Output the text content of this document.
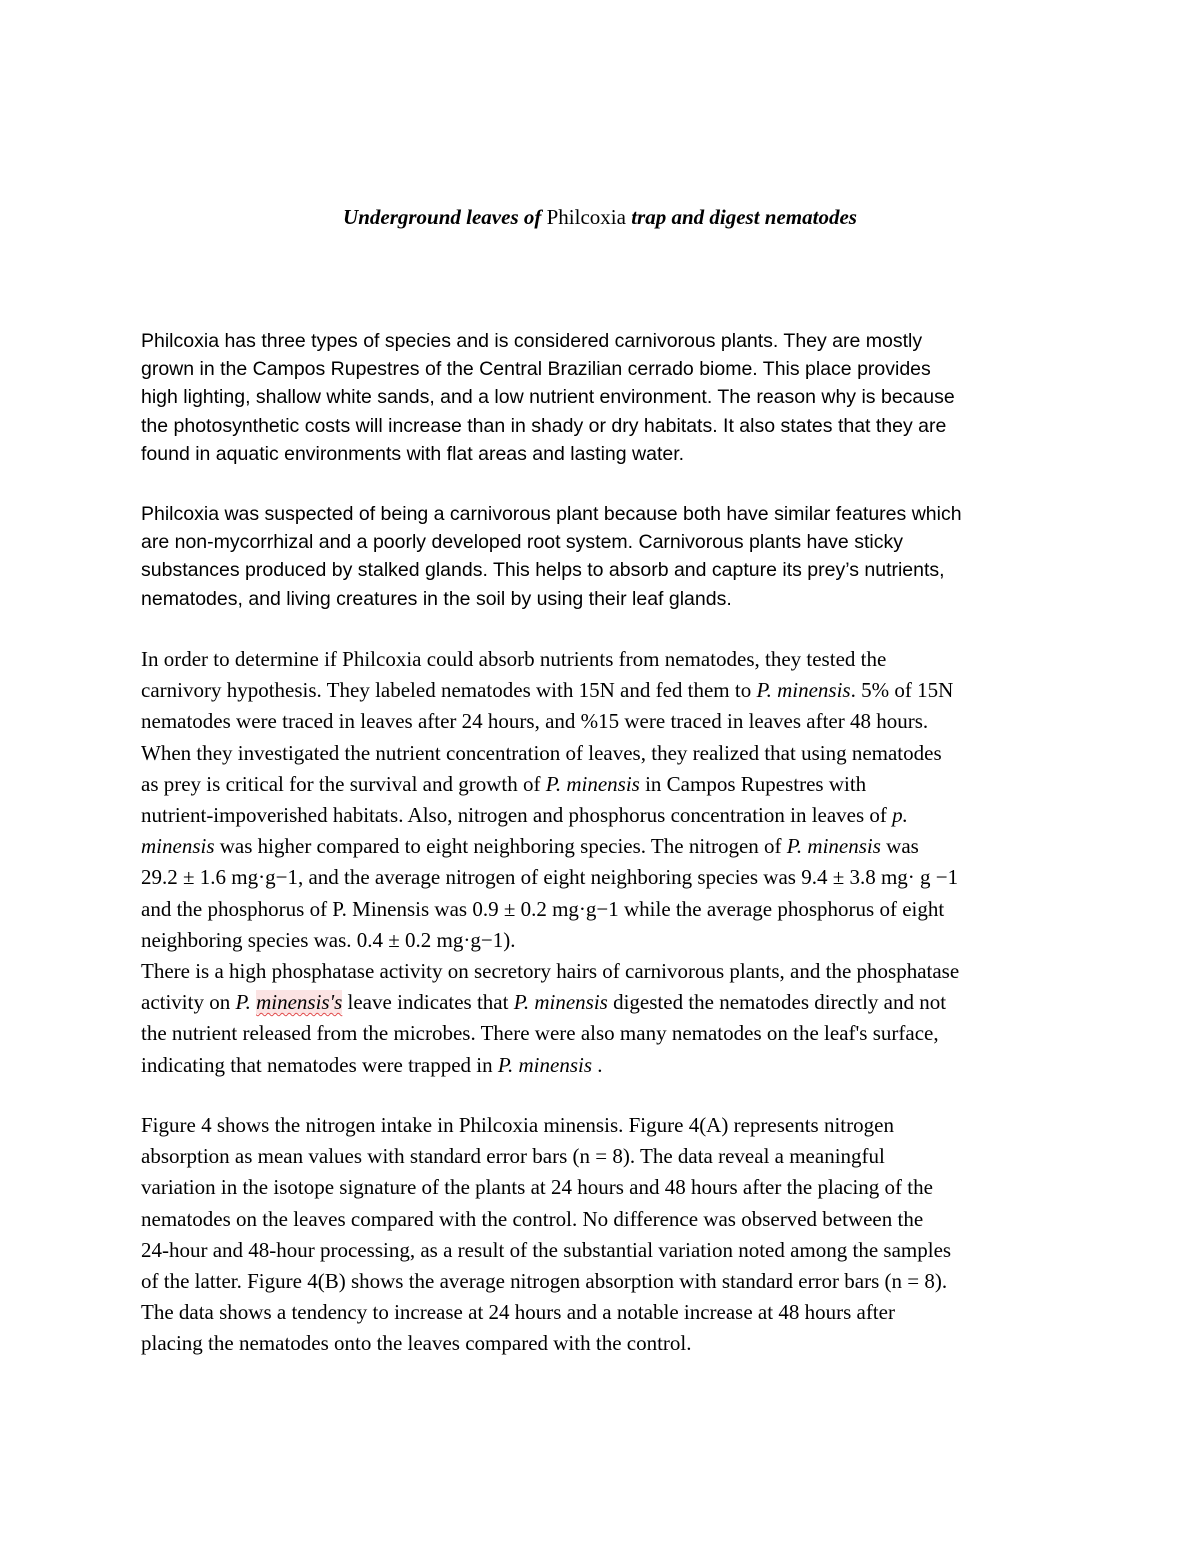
Underground leaves of Philcoxia trap and digest nematodes

Philcoxia has three types of species and is considered carnivorous plants. They are mostly
grown in the Campos Rupestres of the Central Brazilian cerrado biome. This place provides
high lighting, shallow white sands, and a low nutrient environment. The reason why is because
the photosynthetic costs will increase than in shady or dry habitats. It also states that they are
found in aquatic environments with flat areas and lasting water.

Philcoxia was suspected of being a carnivorous plant because both have similar features which
are non-mycorrhizal and a poorly developed root system. Carnivorous plants have sticky
substances produced by stalked glands. This helps to absorb and capture its prey’s nutrients,
nematodes, and living creatures in the soil by using their leaf glands.

In order to determine if Philcoxia could absorb nutrients from nematodes, they tested the
carnivory hypothesis. They labeled nematodes with 15N and fed them to P. minensis. 5% of 15N
nematodes were traced in leaves after 24 hours, and %15 were traced in leaves after 48 hours.
When they investigated the nutrient concentration of leaves, they realized that using nematodes
as prey is critical for the survival and growth of P. minensis in Campos Rupestres with
nutrient-impoverished habitats. Also, nitrogen and phosphorus concentration in leaves of p.
minensis was higher compared to eight neighboring species. The nitrogen of P. minensis was
29.2 ± 1.6 mg·g−1, and the average nitrogen of eight neighboring species was 9.4 ± 3.8 mg· g −1
and the phosphorus of P. Minensis was 0.9 ± 0.2 mg·g−1 while the average phosphorus of eight
neighboring species was. 0.4 ± 0.2 mg·g−1).
There is a high phosphatase activity on secretory hairs of carnivorous plants, and the phosphatase
activity on P. minensis's leave indicates that P. minensis digested the nematodes directly and not
the nutrient released from the microbes. There were also many nematodes on the leaf's surface,
indicating that nematodes were trapped in P. minensis .

Figure 4 shows the nitrogen intake in Philcoxia minensis. Figure 4(A) represents nitrogen
absorption as mean values with standard error bars (n = 8). The data reveal a meaningful
variation in the isotope signature of the plants at 24 hours and 48 hours after the placing of the
nematodes on the leaves compared with the control. No difference was observed between the
24-hour and 48-hour processing, as a result of the substantial variation noted among the samples
of the latter. Figure 4(B) shows the average nitrogen absorption with standard error bars (n = 8).
The data shows a tendency to increase at 24 hours and a notable increase at 48 hours after
placing the nematodes onto the leaves compared with the control.
